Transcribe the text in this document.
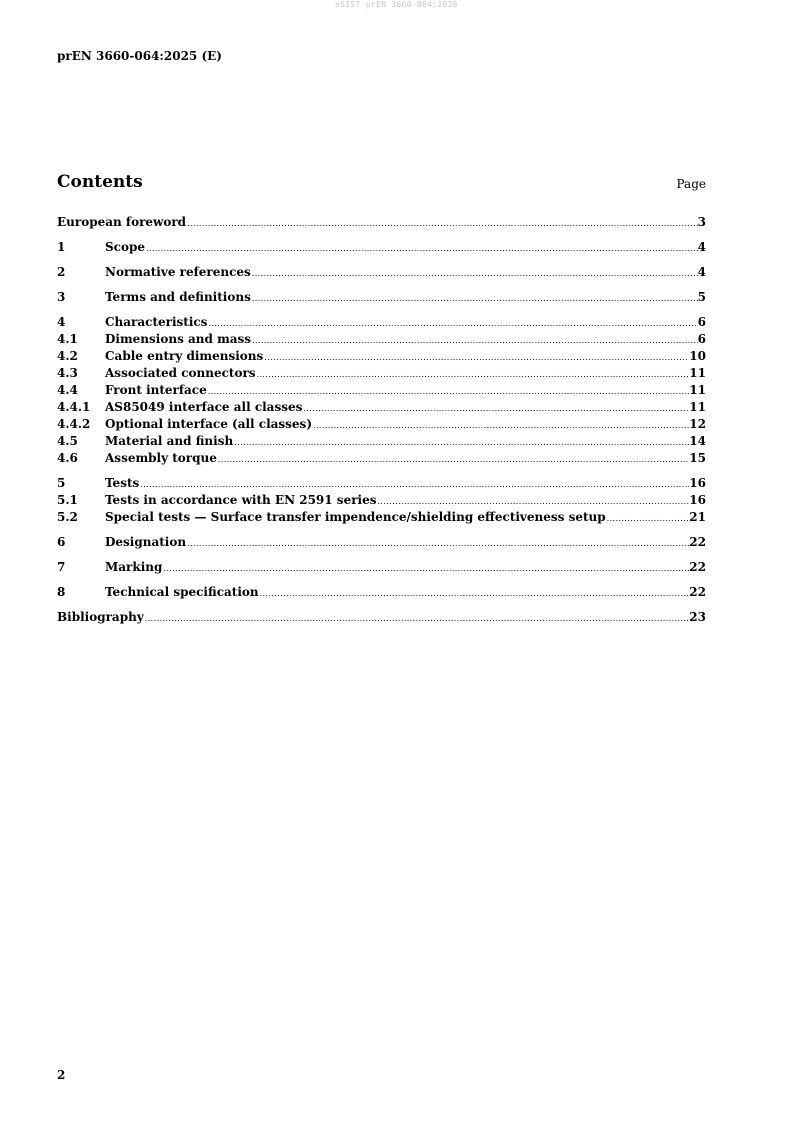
oSIST prEN 3660-064:2026
prEN 3660-064:2025 (E)
Contents	Page
European foreword .....	3
1	Scope .....	4
2	Normative references .....	4
3	Terms and definitions .....	5
4	Characteristics .....	6
4.1	Dimensions and mass .....	6
4.2	Cable entry dimensions .....	10
4.3	Associated connectors .....	11
4.4	Front interface .....	11
4.4.1	AS85049 interface all classes .....	11
4.4.2	Optional interface (all classes) .....	12
4.5	Material and finish .....	14
4.6	Assembly torque .....	15
5	Tests .....	16
5.1	Tests in accordance with EN 2591 series .....	16
5.2	Special tests — Surface transfer impendence/shielding effectiveness setup .....	21
6	Designation .....	22
7	Marking .....	22
8	Technical specification .....	22
Bibliography .....	23
2
